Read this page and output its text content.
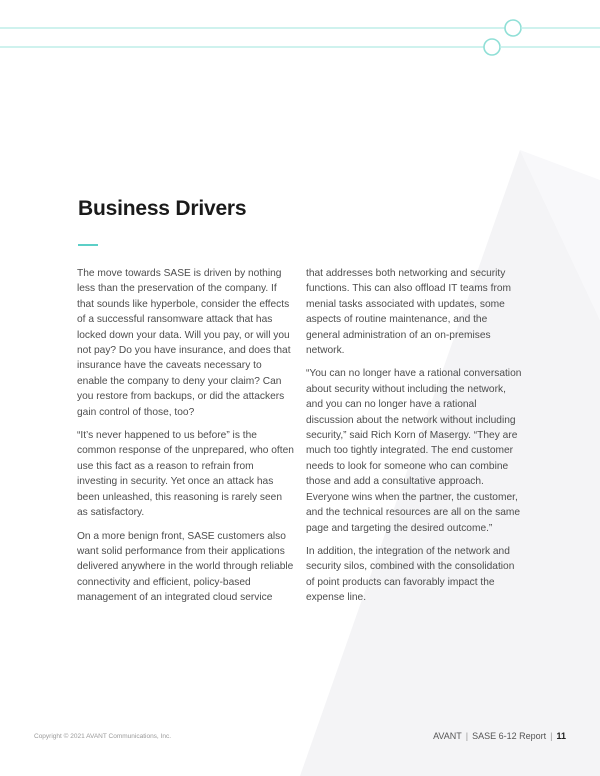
Business Drivers

The move towards SASE is driven by nothing less than the preservation of the company. If that sounds like hyperbole, consider the effects of a successful ransomware attack that has locked down your data. Will you pay, or will you not pay? Do you have insurance, and does that insurance have the caveats necessary to enable the company to deny your claim? Can you restore from backups, or did the attackers gain control of those, too?

“It’s never happened to us before” is the common response of the unprepared, who often use this fact as a reason to refrain from investing in security. Yet once an attack has been unleashed, this reasoning is rarely seen as satisfactory.

On a more benign front, SASE customers also want solid performance from their applications delivered anywhere in the world through reliable connectivity and efficient, policy-based management of an integrated cloud service

that addresses both networking and security functions. This can also offload IT teams from menial tasks associated with updates, some aspects of routine maintenance, and the general administration of an on-premises network.

“You can no longer have a rational conversation about security without including the network, and you can no longer have a rational discussion about the network without including security,” said Rich Korn of Masergy. “They are much too tightly integrated. The end customer needs to look for someone who can combine those and add a consultative approach. Everyone wins when the partner, the customer, and the technical resources are all on the same page and targeting the desired outcome.”

In addition, the integration of the network and security silos, combined with the consolidation of point products can favorably impact the expense line.

Copyright © 2021 AVANT Communications, Inc.	AVANT | SASE 6-12 Report | 11
